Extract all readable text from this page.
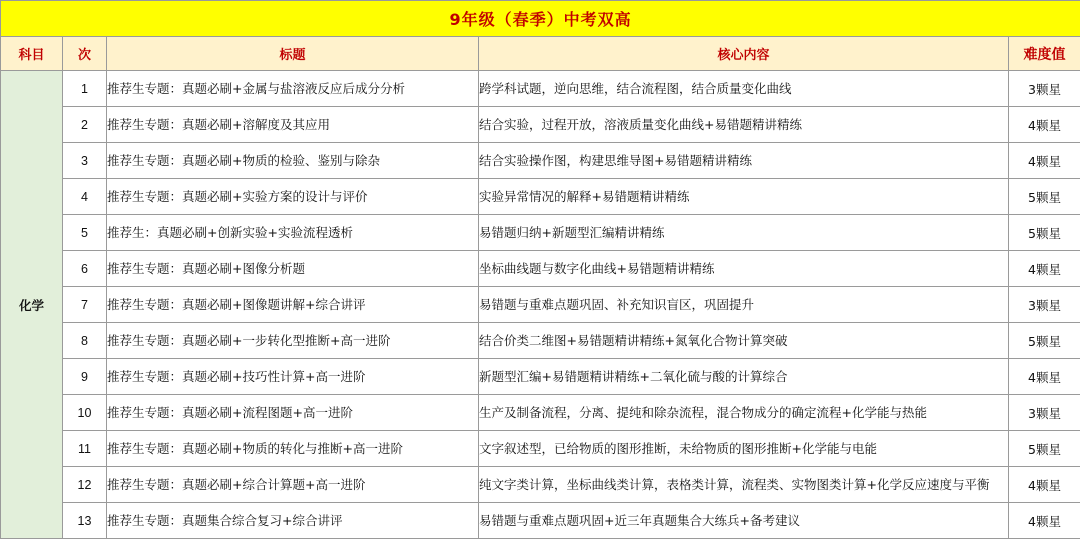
9年级（春季）中考双高				
科目	次	标题	核心内容	难度值
化学	1	推荐生专题：真题必刷+金属与盐溶液反应后成分分析	跨学科试题，逆向思维，结合流程图，结合质量变化曲线	3颗星
	2	推荐生专题：真题必刷+溶解度及其应用	结合实验，过程开放，溶液质量变化曲线+易错题精讲精练	4颗星
	3	推荐生专题：真题必刷+物质的检验、鉴别与除杂	结合实验操作图，构建思维导图+易错题精讲精练	4颗星
	4	推荐生专题：真题必刷+实验方案的设计与评价	实验异常情况的解释+易错题精讲精练	5颗星
	5	推荐生：真题必刷+创新实验+实验流程透析	易错题归纳+新题型汇编精讲精练	5颗星
	6	推荐生专题：真题必刷+图像分析题	坐标曲线题与数字化曲线+易错题精讲精练	4颗星
	7	推荐生专题：真题必刷+图像题讲解+综合讲评	易错题与重难点题巩固、补充知识盲区，巩固提升	3颗星
	8	推荐生专题：真题必刷+一步转化型推断+高一进阶	结合价类二维图+易错题精讲精练+氮氧化合物计算突破	5颗星
	9	推荐生专题：真题必刷+技巧性计算+高一进阶	新题型汇编+易错题精讲精练+二氧化硫与酸的计算综合	4颗星
	10	推荐生专题：真题必刷+流程图题+高一进阶	生产及制备流程，分离、提纯和除杂流程，混合物成分的确定流程+化学能与热能	3颗星
	11	推荐生专题：真题必刷+物质的转化与推断+高一进阶	文字叙述型，已给物质的图形推断，未给物质的图形推断+化学能与电能	5颗星
	12	推荐生专题：真题必刷+综合计算题+高一进阶	纯文字类计算，坐标曲线类计算，表格类计算，流程类、实物图类计算+化学反应速度与平衡	4颗星
	13	推荐生专题：真题集合综合复习+综合讲评	易错题与重难点题巩固+近三年真题集合大练兵+备考建议	4颗星
